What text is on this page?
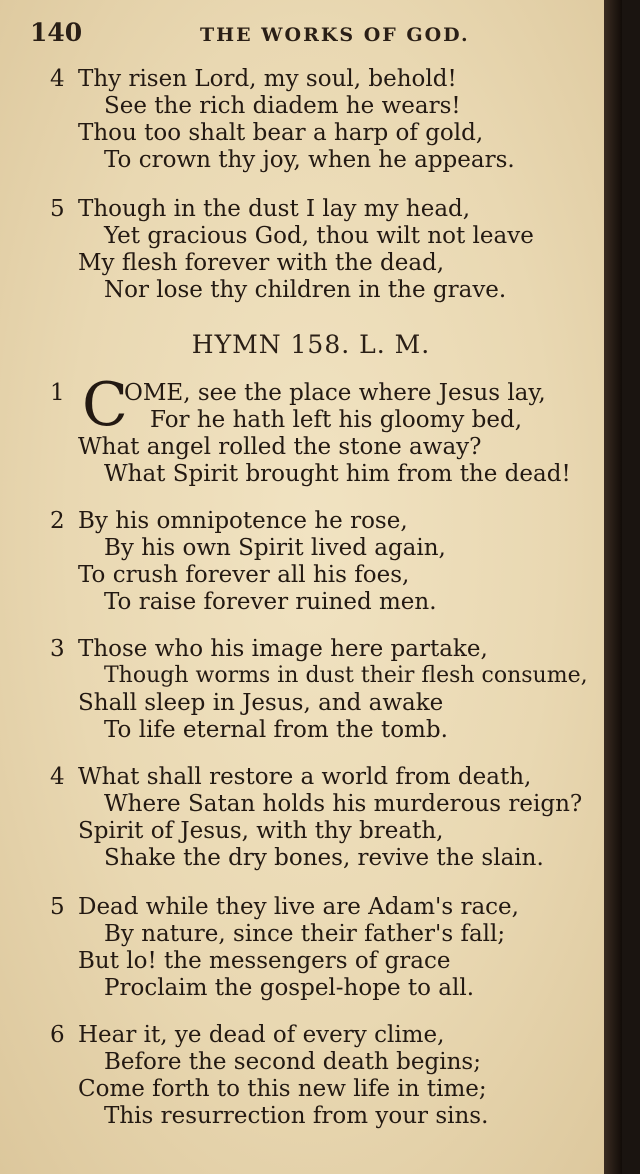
140	THE WORKS OF GOD.
4 Thy risen Lord, my soul, behold!
See the rich diadem he wears!
Thou too shalt bear a harp of gold,
To crown thy joy, when he appears.
5 Though in the dust I lay my head,
Yet gracious God, thou wilt not leave
My flesh forever with the dead,
Nor lose thy children in the grave.
HYMN 158. L. M.
1 C
OME, see the place where Jesus lay,
For he hath left his gloomy bed,
What angel rolled the stone away?
What Spirit brought him from the dead!
2 By his omnipotence he rose,
By his own Spirit lived again,
To crush forever all his foes,
To raise forever ruined men.
3 Those who his image here partake,
Though worms in dust their flesh consume,
Shall sleep in Jesus, and awake
To life eternal from the tomb.
4 What shall restore a world from death,
Where Satan holds his murderous reign?
Spirit of Jesus, with thy breath,
Shake the dry bones, revive the slain.
5 Dead while they live are Adam's race,
By nature, since their father's fall;
But lo! the messengers of grace
Proclaim the gospel-hope to all.
6 Hear it, ye dead of every clime,
Before the second death begins;
Come forth to this new life in time;
This resurrection from your sins.
